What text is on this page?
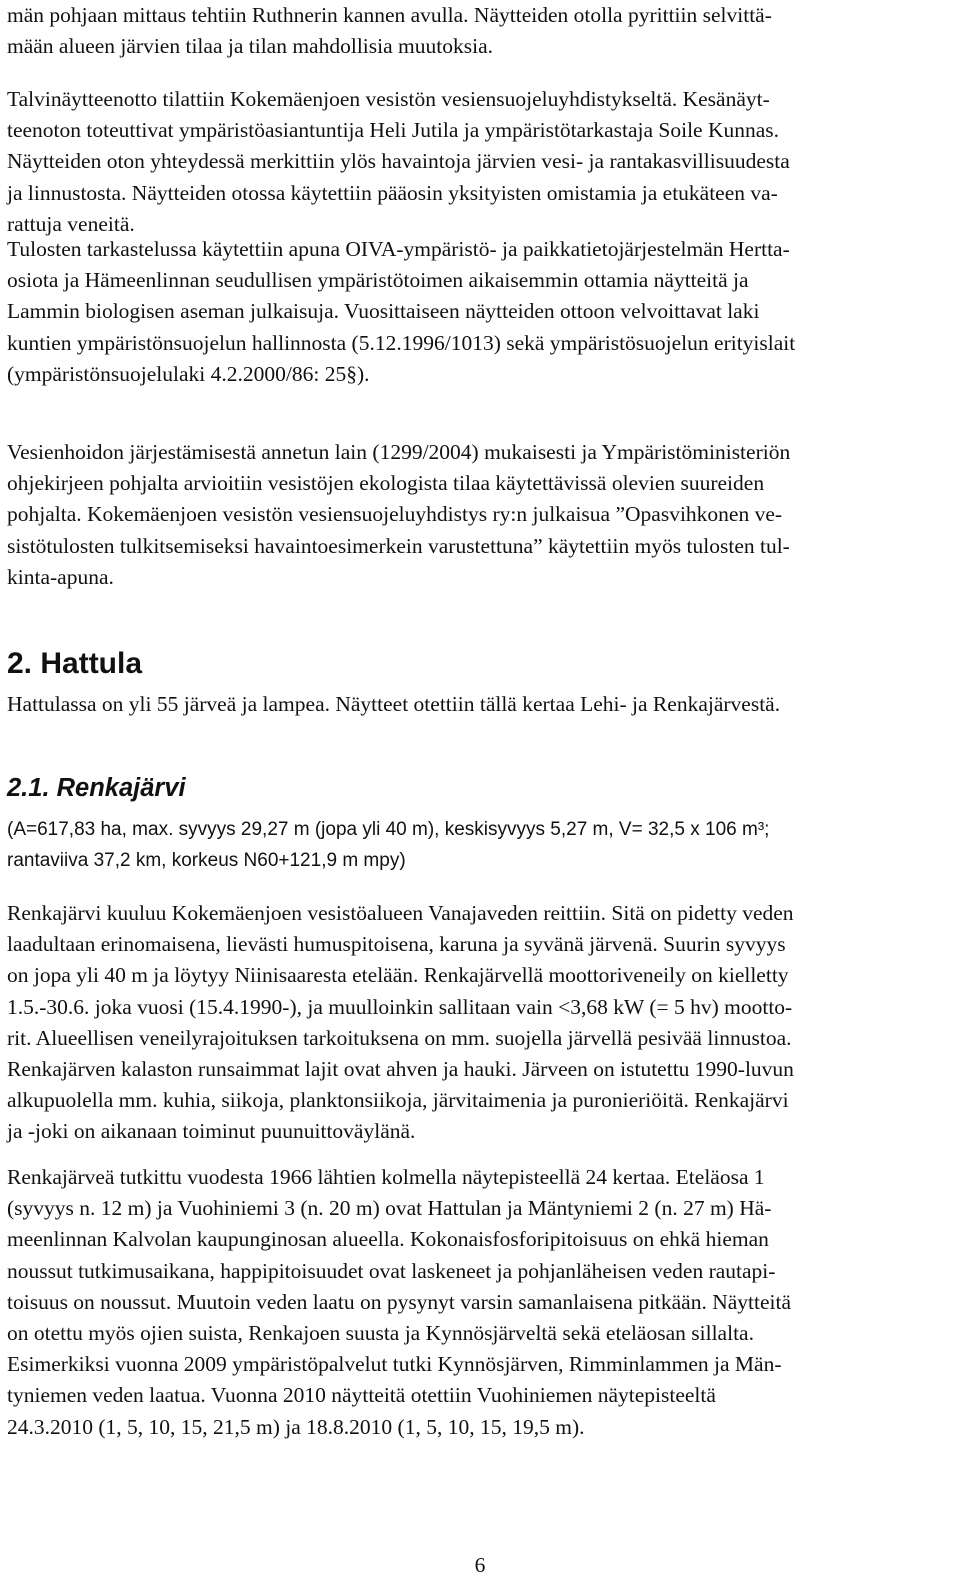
män pohjaan mittaus tehtiin Ruthnerin kannen avulla. Näytteiden otolla pyrittiin selvittä-
mään alueen järvien tilaa ja tilan mahdollisia muutoksia.
Talvinäytteenotto tilattiin Kokemäenjoen vesistön vesiensuojeluyhdistykseltä. Kesänäyt-
teenoton toteuttivat ympäristöasiantuntija Heli Jutila ja ympäristötarkastaja Soile Kunnas.
Näytteiden oton yhteydessä merkittiin ylös havaintoja järvien vesi- ja rantakasvillisuudesta
ja linnustosta. Näytteiden otossa käytettiin pääosin yksityisten omistamia ja etukäteen va-
rattuja veneitä.
Tulosten tarkastelussa käytettiin apuna OIVA-ympäristö- ja paikkatietojärjestelmän Hertta-
osiota ja Hämeenlinnan seudullisen ympäristötoimen aikaisemmin ottamia näytteitä ja
Lammin biologisen aseman julkaisuja. Vuosittaiseen näytteiden ottoon velvoittavat laki
kuntien ympäristönsuojelun hallinnosta (5.12.1996/1013) sekä ympäristösuojelun erityislait
(ympäristönsuojelulaki 4.2.2000/86: 25§).
Vesienhoidon järjestämisestä annetun lain (1299/2004) mukaisesti ja Ympäristöministeriön
ohjekirjeen pohjalta arvioitiin vesistöjen ekologista tilaa käytettävissä olevien suureiden
pohjalta. Kokemäenjoen vesistön vesiensuojeluyhdistys ry:n julkaisua ”Opasvihkonen ve-
sistötulosten tulkitsemiseksi havaintoesimerkein varustettuna” käytettiin myös tulosten tul-
kinta-apuna.
2. Hattula
Hattulassa on yli 55 järveä ja lampea. Näytteet otettiin tällä kertaa Lehi- ja Renkajärvestä.
2.1. Renkajärvi
(A=617,83 ha, max. syvyys 29,27 m (jopa yli 40 m), keskisyvyys 5,27 m, V= 32,5 x 106 m³;
rantaviiva 37,2 km, korkeus N60+121,9 m mpy)
Renkajärvi kuuluu Kokemäenjoen vesistöalueen Vanajaveden reittiin. Sitä on pidetty veden
laadultaan erinomaisena, lievästi humuspitoisena, karuna ja syvänä järvenä. Suurin syvyys
on jopa yli 40 m ja löytyy Niinisaaresta etelään. Renkajärvellä moottoriveneily on kielletty
1.5.-30.6. joka vuosi (15.4.1990-), ja muulloinkin sallitaan vain <3,68 kW (= 5 hv) mootto-
rit. Alueellisen veneilyrajoituksen tarkoituksena on mm. suojella järvellä pesivää linnustoa.
Renkajärven kalaston runsaimmat lajit ovat ahven ja hauki. Järveen on istutettu 1990-luvun
alkupuolella mm. kuhia, siikoja, planktonsiikoja, järvitaimenia ja puronieriöitä. Renkajärvi
ja -joki on aikanaan toiminut puunuittoväylänä.
Renkajärveä tutkittu vuodesta 1966 lähtien kolmella näytepisteellä 24 kertaa. Eteläosa 1
(syvyys n. 12 m) ja Vuohiniemi 3 (n. 20 m) ovat Hattulan ja Mäntyniemi 2 (n. 27 m) Hä-
meenlinnan Kalvolan kaupunginosan alueella. Kokonaisfosforipitoisuus on ehkä hieman
noussut tutkimusaikana, happipitoisuudet ovat laskeneet ja pohjanläheisen veden rautapi-
toisuus on noussut. Muutoin veden laatu on pysynyt varsin samanlaisena pitkään. Näytteitä
on otettu myös ojien suista, Renkajoen suusta ja Kynnösjärveltä sekä eteläosan sillalta.
Esimerkiksi vuonna 2009 ympäristöpalvelut tutki Kynnösjärven, Rimminlammen ja Män-
tyniemen veden laatua. Vuonna 2010 näytteitä otettiin Vuohiniemen näytepisteeltä
24.3.2010 (1, 5, 10, 15, 21,5 m) ja 18.8.2010 (1, 5, 10, 15, 19,5 m).
6
